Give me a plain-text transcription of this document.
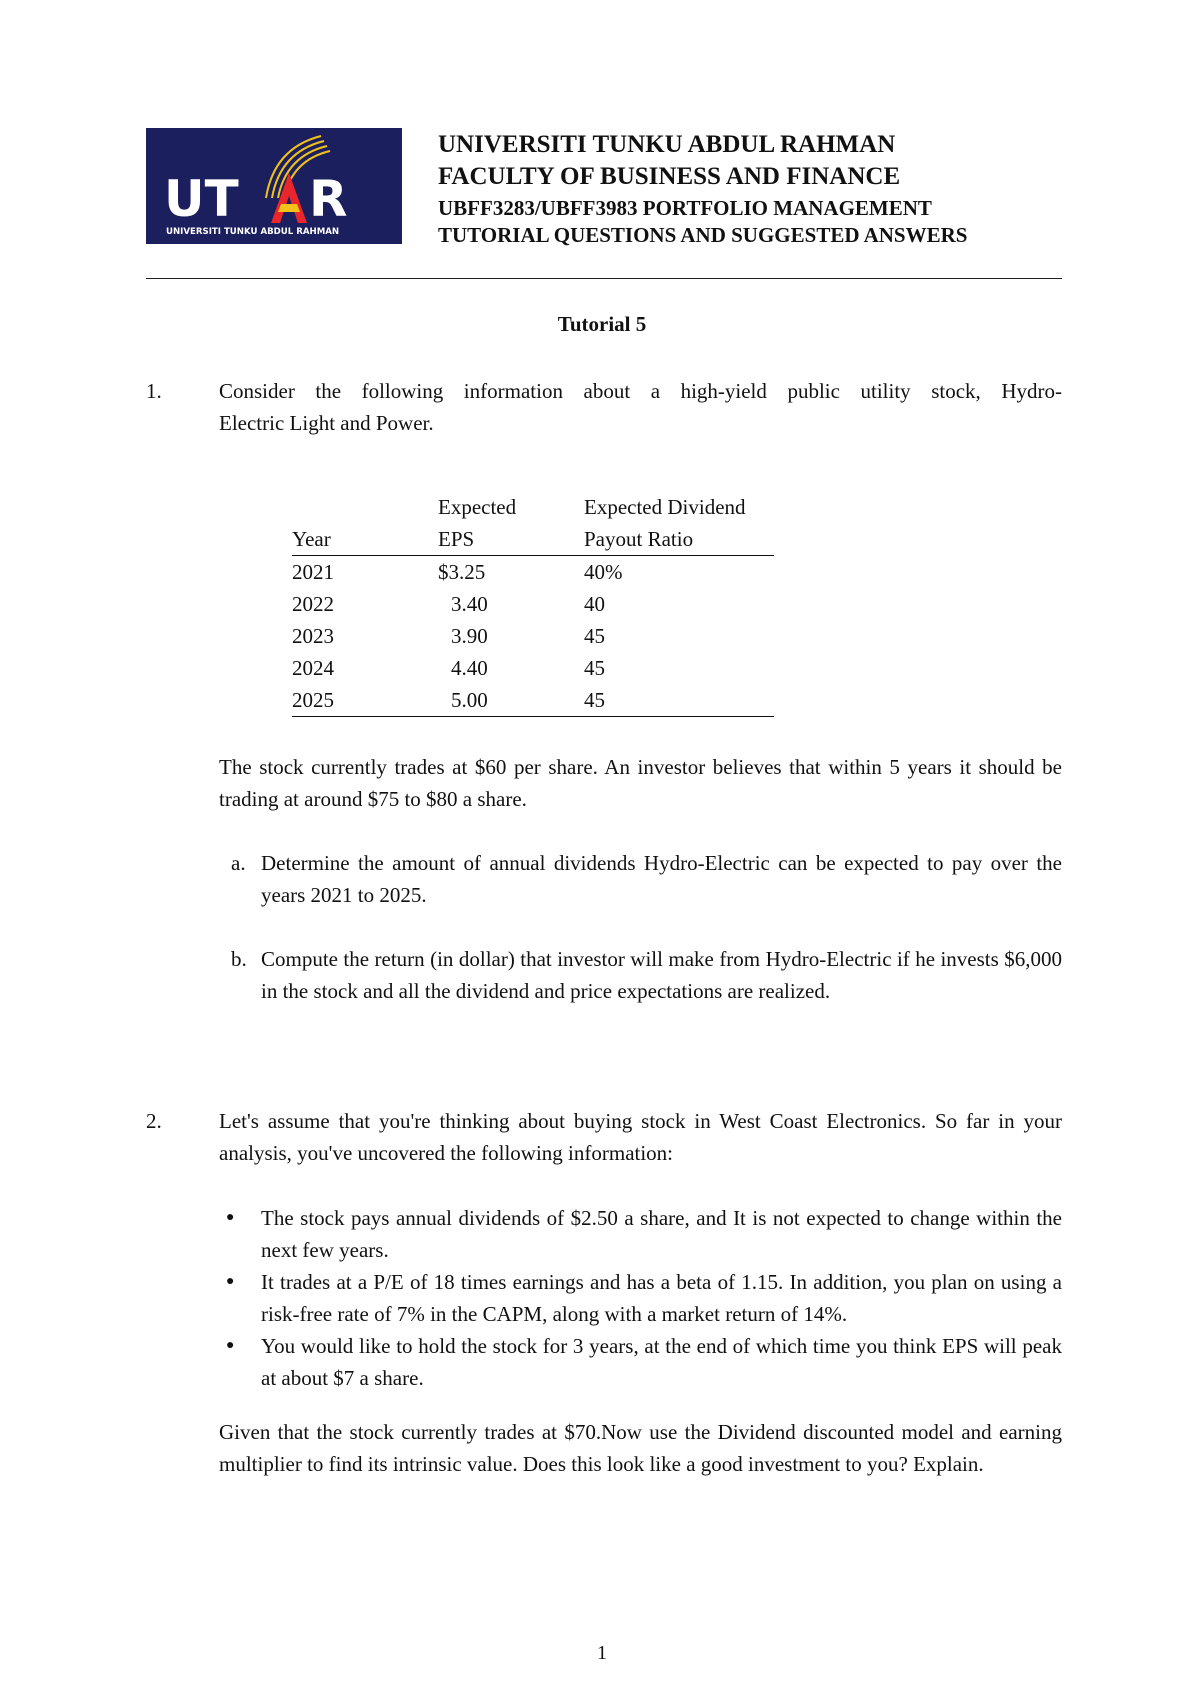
UT R
UNIVERSITI TUNKU ABDUL RAHMAN
UNIVERSITI TUNKU ABDUL RAHMAN
FACULTY OF BUSINESS AND FINANCE
UBFF3283/UBFF3983 PORTFOLIO MANAGEMENT
TUTORIAL QUESTIONS AND SUGGESTED ANSWERS
Tutorial 5
1.	Consider the following information about a high-yield public utility stock, Hydro-
Electric Light and Power.
	Expected	Expected Dividend
Year	EPS	Payout Ratio
2021	$3.25	40%
2022	3.40	40
2023	3.90	45
2024	4.40	45
2025	5.00	45
The stock currently trades at $60 per share. An investor believes that within 5 years it should be trading at around $75 to $80 a share.
a. Determine the amount of annual dividends Hydro-Electric can be expected to pay over the years 2021 to 2025.
b. Compute the return (in dollar) that investor will make from Hydro-Electric if he invests $6,000 in the stock and all the dividend and price expectations are realized.
2.	Let's assume that you're thinking about buying stock in West Coast Electronics. So far in your analysis, you've uncovered the following information:
● The stock pays annual dividends of $2.50 a share, and It is not expected to change within the next few years.
● It trades at a P/E of 18 times earnings and has a beta of 1.15. In addition, you plan on using a risk-free rate of 7% in the CAPM, along with a market return of 14%.
● You would like to hold the stock for 3 years, at the end of which time you think EPS will peak at about $7 a share.
Given that the stock currently trades at $70.Now use the Dividend discounted model and earning multiplier to find its intrinsic value. Does this look like a good investment to you? Explain.
1
